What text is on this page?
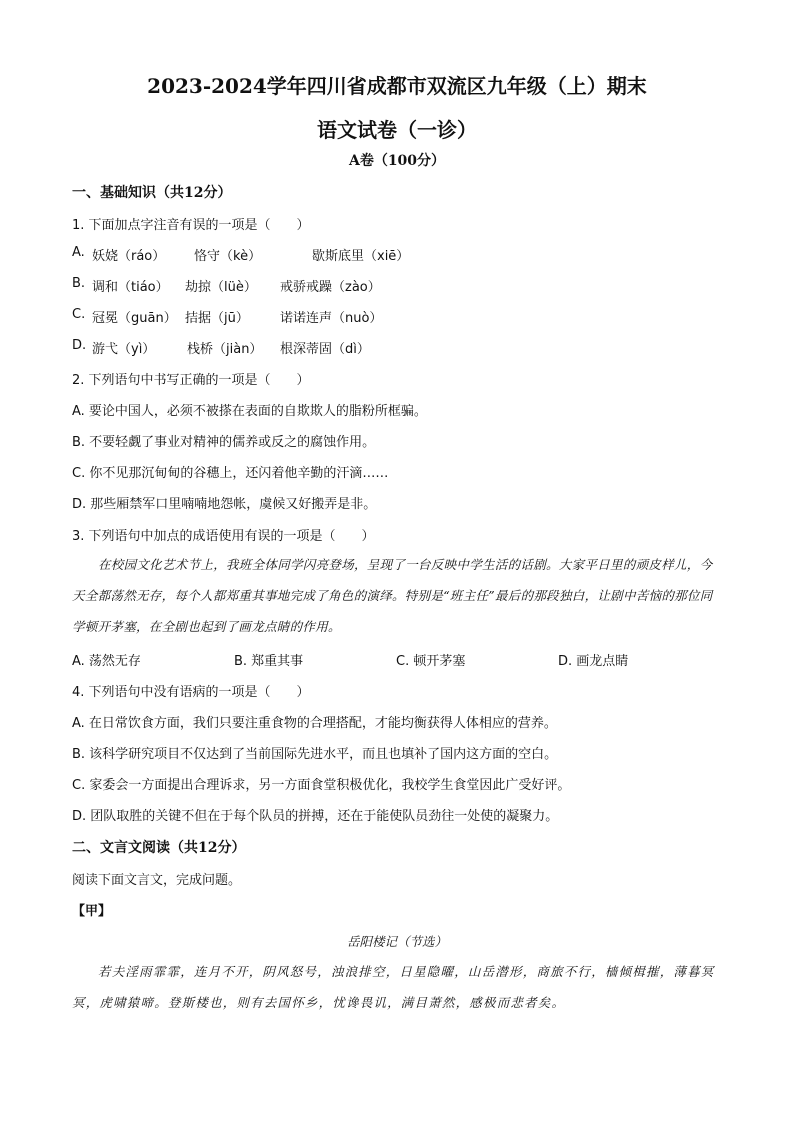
2023-2024学年四川省成都市双流区九年级（上）期末
语文试卷（一诊）
A卷（100分）
一、基础知识（共12分）
1. 下面加点字注音有误的一项是（　　）
A. 妖娆（ráo） 恪守（kè）	歇斯底里（xiē）
B. 调和（tiáo） 劫掠（lüè） 戒骄戒躁（zào）
C. 冠冕（guān） 拮据（jū） 诺诺连声（nuò）
D. 游弋（yì） 栈桥（jiàn） 根深蒂固（dì）
2. 下列语句中书写正确的一项是（　　）
A. 要论中国人，必须不被搽在表面的自欺欺人的脂粉所框骗。
B. 不要轻觑了事业对精神的儒养或反之的腐蚀作用。
C. 你不见那沉甸甸的谷穗上，还闪着他辛勤的汗滴……
D. 那些厢禁军口里喃喃地怨帐，虞候又好搬弄是非。
3. 下列语句中加点的成语使用有误的一项是（　　）
在校园文化艺术节上，我班全体同学闪亮登场，呈现了一台反映中学生活的话剧。大家平日里的顽皮样儿，今天全都荡然无存，每个人都郑重其事地完成了角色的演绎。特别是“班主任”最后的那段独白，让剧中苦恼的那位同学顿开茅塞，在全剧也起到了画龙点睛的作用。
A. 荡然无存	B. 郑重其事	C. 顿开茅塞	D. 画龙点睛
4. 下列语句中没有语病的一项是（　　）
A. 在日常饮食方面，我们只要注重食物的合理搭配，才能均衡获得人体相应的营养。
B. 该科学研究项目不仅达到了当前国际先进水平，而且也填补了国内这方面的空白。
C. 家委会一方面提出合理诉求，另一方面食堂积极优化，我校学生食堂因此广受好评。
D. 团队取胜的关键不但在于每个队员的拼搏，还在于能使队员劲往一处使的凝聚力。
二、文言文阅读（共12分）
阅读下面文言文，完成问题。
【甲】
岳阳楼记（节选）
若夫淫雨霏霏，连月不开，阴风怒号，浊浪排空，日星隐曜，山岳潜形，商旅不行，樯倾楫摧，薄暮冥冥，虎啸猿啼。登斯楼也，则有去国怀乡，忧谗畏讥，满目萧然，感极而悲者矣。
